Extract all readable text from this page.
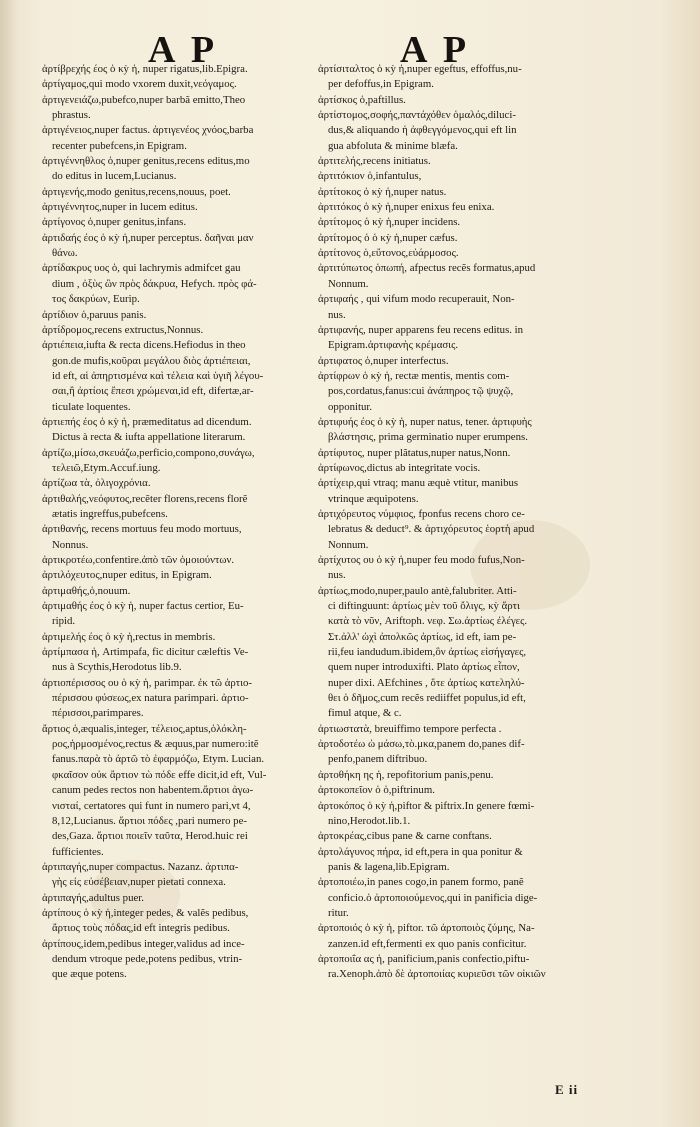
A P	A P
ἀρτίβρεχής έος ὁ κỳ ἡ, nuper rigatus,lib.Epigra.
ἀρτίγαμος,qui modo vxorem duxit,νεόγαμος.
ἀρτιγενειάζω,pubefco,nuper barbã emitto,Theo
phrastus.
ἀρτιγένειος,nuper factus. ἀρτιγενέος χνόος,barba
recenter pubefcens,in Epigram.
ἀρτιγέννηθλος ὁ,nuper genitus,recens editus,mo
do editus in lucem,Lucianus.
ἀρτιγενής,modo genitus,recens,nouus, poet.
ἀρτιγέννητος,nuper in lucem editus.
ἀρτίγονος ὁ,nuper genitus,infans.
ἀρτιδαής έος ὁ κỳ ἡ,nuper perceptus. δαῆναι μαν
θάνω.
ἀρτίδακρυς υος ὁ, qui lachrymis admifcet gau
dium , ὀξὺς ὢν πρὸς δάκρυα, Hefych. πρὸς φά-
τος δακρύων, Eurip.
ἀρτίδιον ὁ,paruus panis.
ἀρτίδρομος,recens extructus,Nonnus.
ἀρτιέπεια,iufta & recta dicens.Hefiodus in theo
gon.de mufis,κοῦραι μεγάλου διὸς ἀρτιέπειαι,
id eft, αἱ ἀπηρτισμένα καὶ τέλεια καὶ ὑγιῆ λέγου-
σαι,ἢ ἀρτίοις ἔπεσι χρώμεναι,id eft, difertæ,ar-
ticulate loquentes.
ἀρτιεπής έος ὁ κỳ ἡ, præmeditatus ad dicendum.
Dictus à recta & iufta appellatione literarum.
ἀρτίζω,μίσω,σκευάζω,perficio,compono,συνάγω,
τελειῶ,Etym.Accuf.iung.
ἀρτίζωα τὰ, ὀλιγοχρόνια.
ἀρτιθαλής,νεόφυτος,recẽter florens,recens florẽ
ætatis ingreffus,pubefcens.
ἀρτιθανής, recens mortuus feu modo mortuus,
Nonnus.
ἀρτικροτέω,confentire.ἀπὸ τῶν ὁμοιούντων.
ἀρτιλόχευτος,nuper editus, in Epigram.
ἀρτιμαθής,ὁ,nouum.
ἀρτιμαθής έος ὁ κỳ ἡ, nuper factus certior, Eu-
ripid.
ἀρτιμελής έος ὁ κỳ ἡ,rectus in membris.
ἀρτίμπασα ἡ, Artimpafa, fic dicitur cæleftis Ve-
nus à Scythis,Herodotus lib.9.
ἀρτιοπέρισσος ου ὁ κỳ ἡ, parimpar. ἐκ τῶ ἀρτιο-
πέρισσου φύσεως,ex natura parimpari. ἀρτιο-
πέρισσοι,parimpares.
ἄρτιος ὁ,æqualis,integer, τέλειος,aptus,ὁλόκλη-
ρος,ἡρμοσμένος,rectus & æquus,par numero:itẽ
fanus.παρὰ τὸ ἀρτῶ τὸ ἐφαρμόζω, Etym. Lucian.
φκαῖσον οὐκ ἄρτιον τὼ πόδε effe dicit,id eft, Vul-
canum pedes rectos non habentem.ἄρτιοι ἀγω-
νισταί, certatores qui funt in numero pari,vt 4,
8,12,Lucianus. ἄρτιοι πόδες ,pari numero pe-
des,Gaza. ἄρτιοι ποιεῖν ταῦτα, Herod.huic rei
fufficientes.
ἀρτιπαγής,nuper compactus. Nazanz. ἀρτιπα-
γὴς εἰς εὐσέβειαν,nuper pietati connexa.
ἀρτιπαγής,adultus puer.
ἀρτίπους ὁ κỳ ἡ,integer pedes, & valẽs pedibus,
ἄρτιος τοὺς πόδας,id eft integris pedibus.
ἀρτίπους,idem,pedibus integer,validus ad ince-
dendum vtroque pede,potens pedibus, vtrin-
que æque potens.
ἀρτίσιταλτος ὁ κỳ ἡ,nuper egeftus, effoffus,nu-
per defoffus,in Epigram.
ἀρτίσκος ὁ,paftillus.
ἀρτίστομος,σοφής,παντάχόθεν ὁμαλός,diluci-
dus,& aliquando ἡ ἀφθεγγόμενος,qui eft lin
gua abfoluta & minime blæfa.
ἀρτιτελής,recens initiatus.
ἀρτιτόκιον ὁ,infantulus,
ἀρτίτοκος ὁ κỳ ἡ,nuper natus.
ἀρτιτόκος ὁ κỳ ἡ,nuper enixus feu enixa.
ἀρτίτομος ὁ κỳ ἡ,nuper incidens.
ἀρτίτομος ὁ ὁ κỳ ἡ,nuper cæfus.
ἀρτίτονος ὁ,εὔτονος,εὐάρμοσος.
ἀρτιτύπωτος ὁπωπή, afpectus recẽs formatus,apud
Nonnum.
ἀρτιφαής , qui vifum modo recuperauit, Non-
nus.
ἀρτιφανής, nuper apparens feu recens editus. in
Epigram.ἀρτιφανὴς κρέμασις.
ἀρτιφατος ὁ,nuper interfectus.
ἀρτίφρων ὁ κỳ ἡ, rectæ mentis, mentis com-
pos,cordatus,fanus:cui ἀνάπηρος τῷ ψυχῷ,
opponitur.
ἀρτιφυής έος ὁ κỳ ἡ, nuper natus, tener. ἀρτιφυὴς
βλάστησις, prima germinatio nuper erumpens.
ἀρτίφυτος, nuper plãtatus,nuper natus,Nonn.
ἀρτίφωνος,dictus ab integritate vocis.
ἀρτίχειρ,qui vtraq; manu æquè vtitur, manibus
vtrinque æquipotens.
ἀρτιχόρευτος νύμφιος, fponfus recens choro ce-
lebratus & deduct⁹. & ἀρτιχόρευτος ἑορτὴ apud
Nonnum.
ἀρτίχυτος ου ὁ κỳ ἡ,nuper feu modo fufus,Non-
nus.
ἀρτίως,modo,nuper,paulo antè,falubriter. Atti-
ci diftinguunt: ἀρτίως μὲν τοῦ ὄλιγς, κỳ ἄρτι
κατὰ τὸ νῦν, Ariftoph. νεφ. Σω.ἀρτίως ἐλέγες.
Στ.ἀλλ' ὠχὶ ἀπολκῶς ἀρτίως, id eft, iam pe-
rii,feu iandudum.ibidem,ὃν ἀρτίως εἰσήγαγες,
quem nuper introduxifti. Plato ἀρτίως εἶπον,
nuper dixi. AEfchines , ὅτε ἀρτίως κατεληλύ-
θει ὁ δῆμος,cum recẽs rediiffet populus,id eft,
fimul atque, & c.
ἀρτιωστατὰ, breuiffimo tempore perfecta .
ἀρτοδοτέω ὡ μάσω,τὸ.μκα,panem do,panes dif-
penfo,panem diftribuo.
ἀρτοθήκη ης ἡ, repofitorium panis,penu.
ἀρτοκοπεῖον ὁ ὁ,piftrinum.
ἀρτοκόπος ὁ κỳ ἡ,piftor & piftrix.In genere fœmi-
nino,Herodot.lib.1.
ἀρτοκρέας,cibus pane & carne conftans.
ἀρτολάγυνος πήρα, id eft,pera in qua ponitur &
panis & lagena,lib.Epigram.
ἀρτοποιέω,in panes cogo,in panem formo, panẽ
conficio.ὁ ἀρτοποιούμενος,qui in panificia dige-
ritur.
ἀρτοποιός ὁ κỳ ἡ, piftor. τῶ ἀρτοποιὸς ζύμης, Na-
zanzen.id eft,fermenti ex quo panis conficitur.
ἀρτοποιΐα ας ἡ, panificium,panis confectio,piftu-
ra.Xenoph.ἀπὸ δὲ ἀρτοποιίας κυριεῦσι τῶν οἰκιῶν
E ii
